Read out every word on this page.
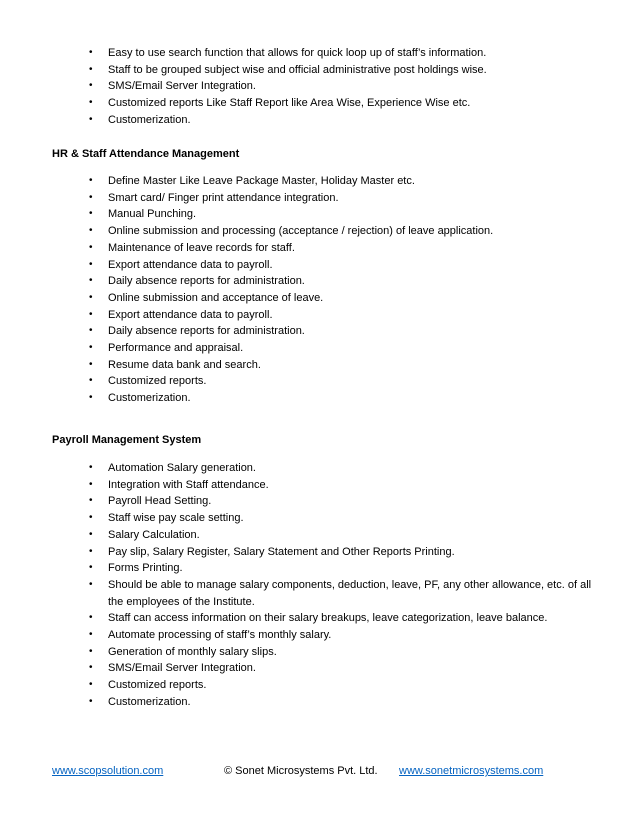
• Easy to use search function that allows for quick loop up of staff’s information.
• Staff to be grouped subject wise and official administrative post holdings wise.
• SMS/Email Server Integration.
• Customized reports Like Staff Report like Area Wise, Experience Wise etc.
• Customerization.
HR & Staff Attendance Management
• Define Master Like Leave Package Master, Holiday Master etc.
• Smart card/ Finger print attendance integration.
• Manual Punching.
• Online submission and processing (acceptance / rejection) of leave application.
• Maintenance of leave records for staff.
• Export attendance data to payroll.
• Daily absence reports for administration.
• Online submission and acceptance of leave.
• Export attendance data to payroll.
• Daily absence reports for administration.
• Performance and appraisal.
• Resume data bank and search.
• Customized reports.
• Customerization.
Payroll Management System
• Automation Salary generation.
• Integration with Staff attendance.
• Payroll Head Setting.
• Staff wise pay scale setting.
• Salary Calculation.
• Pay slip, Salary Register, Salary Statement and Other Reports Printing.
• Forms Printing.
• Should be able to manage salary components, deduction, leave, PF, any other allowance, etc. of all the employees of the Institute.
• Staff can access information on their salary breakups, leave categorization, leave balance.
• Automate processing of staff’s monthly salary.
• Generation of monthly salary slips.
• SMS/Email Server Integration.
• Customized reports.
• Customerization.
www.scopsolution.com	© Sonet Microsystems Pvt. Ltd. www.sonetmicrosystems.com
